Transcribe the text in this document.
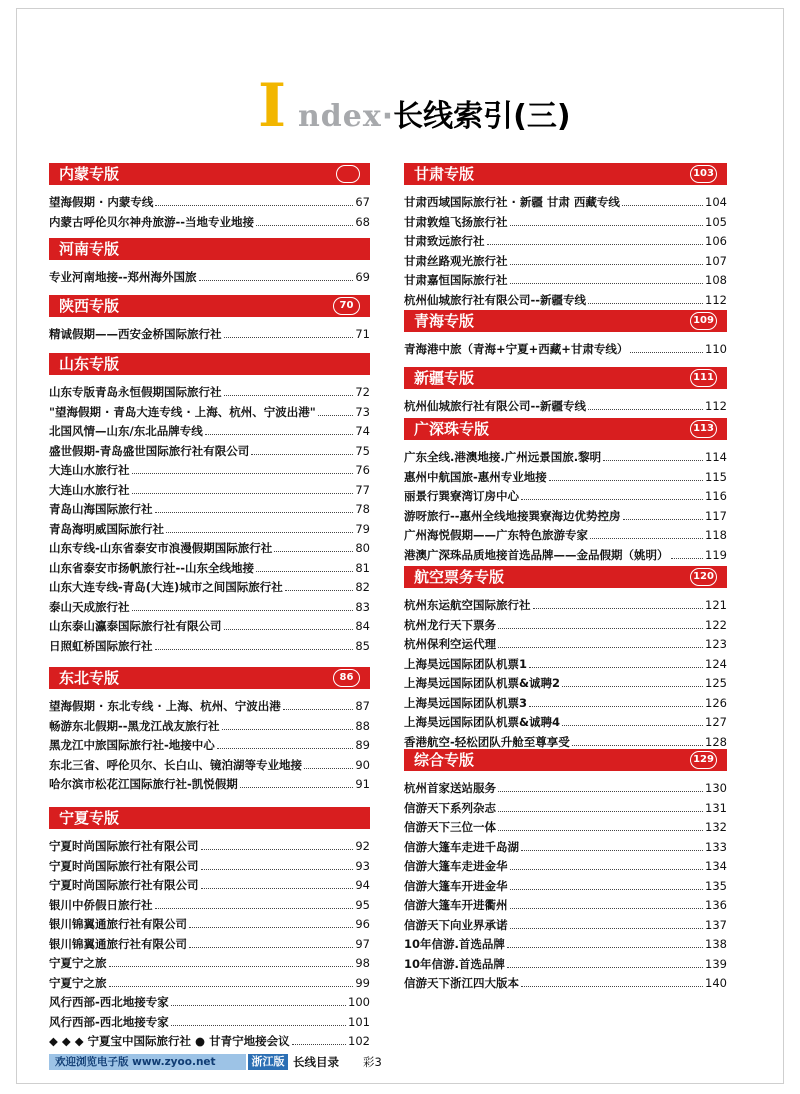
I ndex·长线索引(三)
内蒙专版
望海假期 · 内蒙专线	67
内蒙古呼伦贝尔神舟旅游--当地专业地接	68
河南专版
专业河南地接--郑州海外国旅	69
陕西专版	70
精诚假期——西安金桥国际旅行社	71
山东专版
山东专版青岛永恒假期国际旅行社	72
"望海假期 · 青岛大连专线 · 上海、杭州、宁波出港"	73
北国风情—山东/东北品牌专线	74
盛世假期-青岛盛世国际旅行社有限公司	75
大连山水旅行社	76
大连山水旅行社	77
青岛山海国际旅行社	78
青岛海明威国际旅行社	79
山东专线-山东省泰安市浪漫假期国际旅行社	80
山东省泰安市扬帆旅行社--山东全线地接	81
山东大连专线-青岛(大连)城市之间国际旅行社	82
泰山天成旅行社	83
山东泰山瀛泰国际旅行社有限公司	84
日照虹桥国际旅行社	85
东北专版	86
望海假期 · 东北专线 · 上海、杭州、宁波出港	87
畅游东北假期--黑龙江战友旅行社	88
黑龙江中旅国际旅行社-地接中心	89
东北三省、呼伦贝尔、长白山、镜泊湖等专业地接	90
哈尔滨市松花江国际旅行社-凯悦假期	91
宁夏专版
宁夏时尚国际旅行社有限公司	92
宁夏时尚国际旅行社有限公司	93
宁夏时尚国际旅行社有限公司	94
银川中侨假日旅行社	95
银川锦翼通旅行社有限公司	96
银川锦翼通旅行社有限公司	97
宁夏宁之旅	98
宁夏宁之旅	99
风行西部-西北地接专家	100
风行西部-西北地接专家	101
◆ ◆ ◆ 宁夏宝中国际旅行社 ● 甘青宁地接会议	102
甘肃专版	103
甘肃西域国际旅行社 · 新疆 甘肃 西藏专线	104
甘肃敦煌飞扬旅行社	105
甘肃致远旅行社	106
甘肃丝路观光旅行社	107
甘肃嘉恒国际旅行社	108
杭州仙城旅行社有限公司--新疆专线	112
青海专版	109
青海港中旅（青海+宁夏+西藏+甘肃专线）	110
新疆专版	111
杭州仙城旅行社有限公司--新疆专线	112
广深珠专版	113
广东全线.港澳地接.广州远景国旅.黎明	114
惠州中航国旅-惠州专业地接	115
丽景行巽寮湾订房中心	116
游呀旅行--惠州全线地接巽寮海边优势控房	117
广州海悦假期——广东特色旅游专家	118
港澳广深珠品质地接首选品牌——金品假期（姚明）	119
航空票务专版	120
杭州东运航空国际旅行社	121
杭州龙行天下票务	122
杭州保利空运代理	123
上海昊远国际团队机票1	124
上海昊远国际团队机票&诚聘2	125
上海昊远国际团队机票3	126
上海昊远国际团队机票&诚聘4	127
香港航空-轻松团队升舱至尊享受	128
综合专版	129
杭州首家送站服务	130
信游天下系列杂志	131
信游天下三位一体	132
信游大篷车走进千岛湖	133
信游大篷车走进金华	134
信游大篷车开进金华	135
信游大篷车开进衢州	136
信游天下向业界承诺	137
10年信游.首选品牌	138
10年信游.首选品牌	139
信游天下浙江四大版本	140
欢迎浏览电子版 www.zyoo.net	浙江版 长线目录 彩3
